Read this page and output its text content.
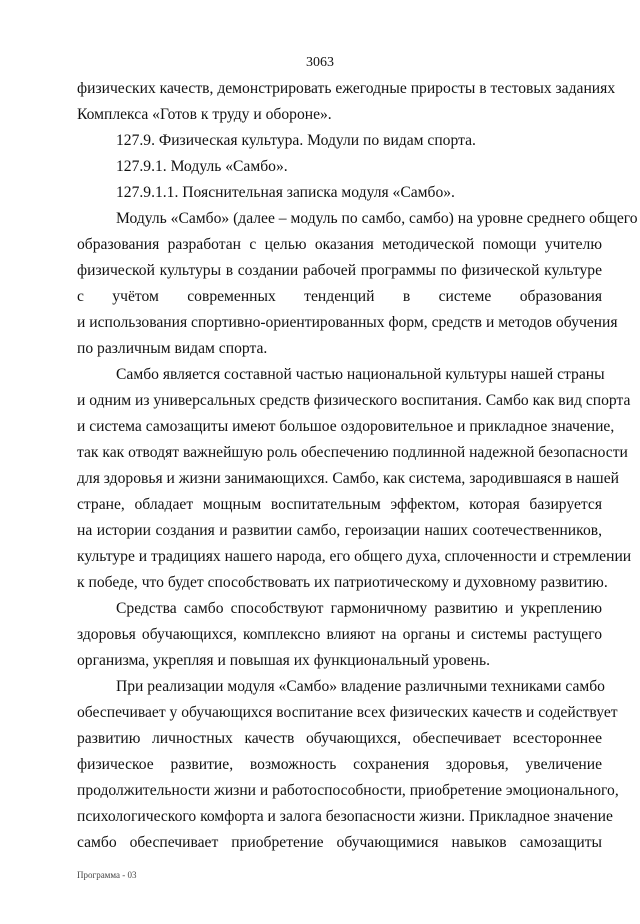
3063
физических качеств, демонстрировать ежегодные приросты в тестовых заданиях
Комплекса «Готов к труду и обороне».
127.9. Физическая культура. Модули по видам спорта.
127.9.1. Модуль «Самбо».
127.9.1.1. Пояснительная записка модуля «Самбо».
Модуль «Самбо» (далее – модуль по самбо, самбо) на уровне среднего общего
образования разработан с целью оказания методической помощи учителю
физической культуры в создании рабочей программы по физической культуре
с учётом современных тенденций в системе образования
и использования спортивно-ориентированных форм, средств и методов обучения
по различным видам спорта.
Самбо является составной частью национальной культуры нашей страны
и одним из универсальных средств физического воспитания. Самбо как вид спорта
и система самозащиты имеют большое оздоровительное и прикладное значение,
так как отводят важнейшую роль обеспечению подлинной надежной безопасности
для здоровья и жизни занимающихся. Самбо, как система, зародившаяся в нашей
стране, обладает мощным воспитательным эффектом, которая базируется
на истории создания и развитии самбо, героизации наших соотечественников,
культуре и традициях нашего народа, его общего духа, сплоченности и стремлении
к победе, что будет способствовать их патриотическому и духовному развитию.
Средства самбо способствуют гармоничному развитию и укреплению
здоровья обучающихся, комплексно влияют на органы и системы растущего
организма, укрепляя и повышая их функциональный уровень.
При реализации модуля «Самбо» владение различными техниками самбо
обеспечивает у обучающихся воспитание всех физических качеств и содействует
развитию личностных качеств обучающихся, обеспечивает всестороннее
физическое развитие, возможность сохранения здоровья, увеличение
продолжительности жизни и работоспособности, приобретение эмоционального,
психологического комфорта и залога безопасности жизни. Прикладное значение
самбо обеспечивает приобретение обучающимися навыков самозащиты
Программа - 03
